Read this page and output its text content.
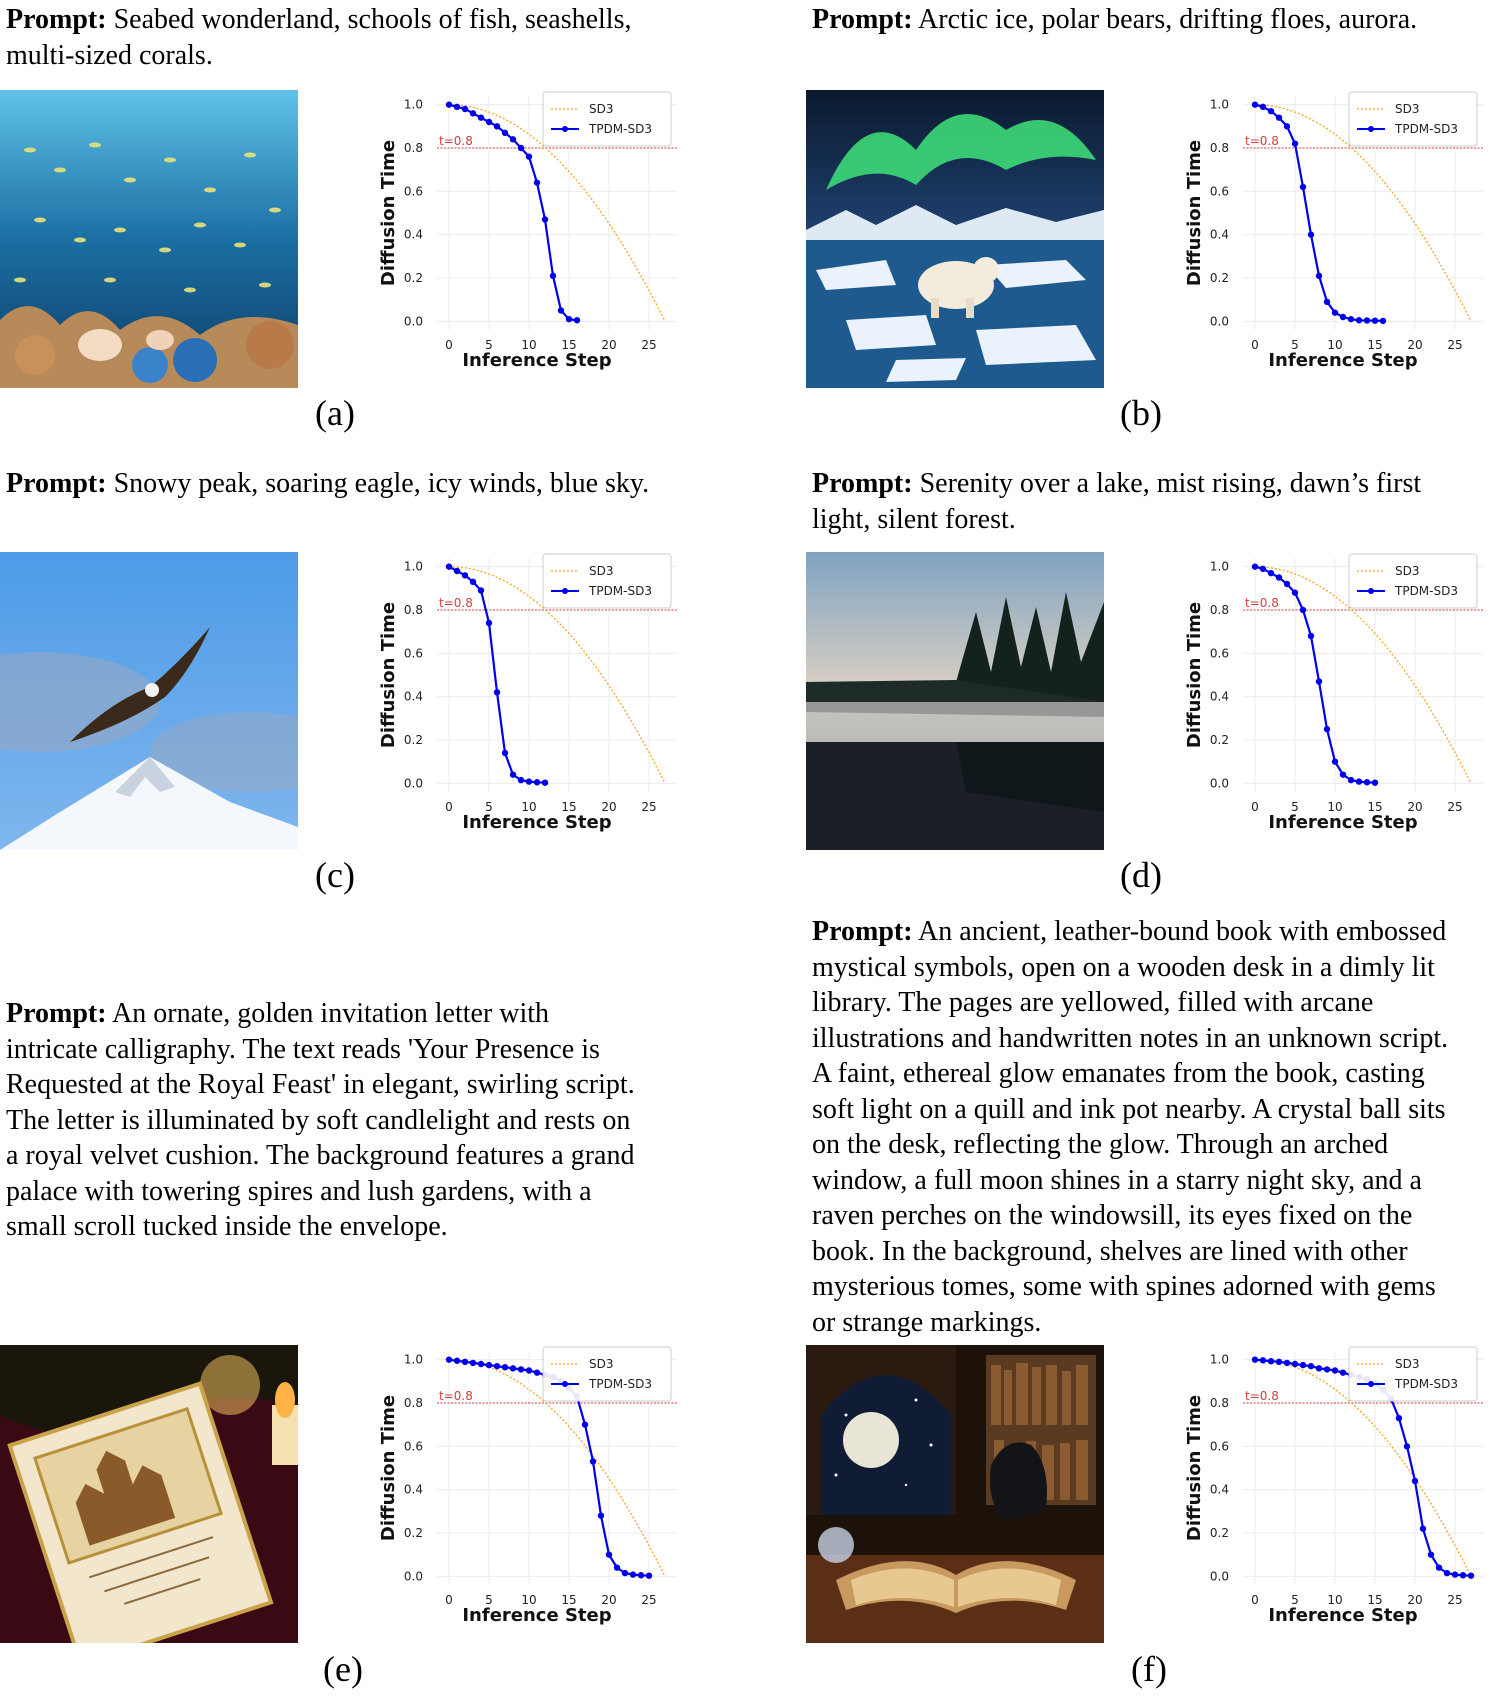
Prompt: Seabed wonderland, schools of fish, seashells,
multi-sized corals.
t=0.8
0	5 10 15 20 25
0.0
0.2
0.4
0.6
0.8
1.0
Inference Step
Diffusion Time
SD3
TPDM-SD3
(a)
Prompt: Arctic ice, polar bears, drifting floes, aurora.
t=0.8
0	5 10 15 20 25
0.0
0.2
0.4
0.6
0.8
1.0
Inference Step
Diffusion Time
SD3
TPDM-SD3
(b)
Prompt: Snowy peak, soaring eagle, icy winds, blue sky.
t=0.8
0	5 10 15 20 25
0.0
0.2
0.4
0.6
0.8
1.0
Inference Step
Diffusion Time
SD3
TPDM-SD3
(c)
Prompt: Serenity over a lake, mist rising, dawn’s first
light, silent forest.
t=0.8
0	5 10 15 20 25
0.0
0.2
0.4
0.6
0.8
1.0
Inference Step
Diffusion Time
SD3
TPDM-SD3
(d)
Prompt: An ornate, golden invitation letter with
intricate calligraphy. The text reads 'Your Presence is
Requested at the Royal Feast' in elegant, swirling script.
The letter is illuminated by soft candlelight and rests on
a royal velvet cushion. The background features a grand
palace with towering spires and lush gardens, with a
small scroll tucked inside the envelope.
t=0.8
0	5 10 15 20 25
0.0
0.2
0.4
0.6
0.8
1.0
Inference Step
Diffusion Time
SD3
TPDM-SD3
(e)
Prompt: An ancient, leather-bound book with embossed
mystical symbols, open on a wooden desk in a dimly lit
library. The pages are yellowed, filled with arcane
illustrations and handwritten notes in an unknown script.
A faint, ethereal glow emanates from the book, casting
soft light on a quill and ink pot nearby. A crystal ball sits
on the desk, reflecting the glow. Through an arched
window, a full moon shines in a starry night sky, and a
raven perches on the windowsill, its eyes fixed on the
book. In the background, shelves are lined with other
mysterious tomes, some with spines adorned with gems
or strange markings.
t=0.8
0	5 10 15 20 25
0.0
0.2
0.4
0.6
0.8
1.0
Inference Step
Diffusion Time
SD3
TPDM-SD3
(f)
